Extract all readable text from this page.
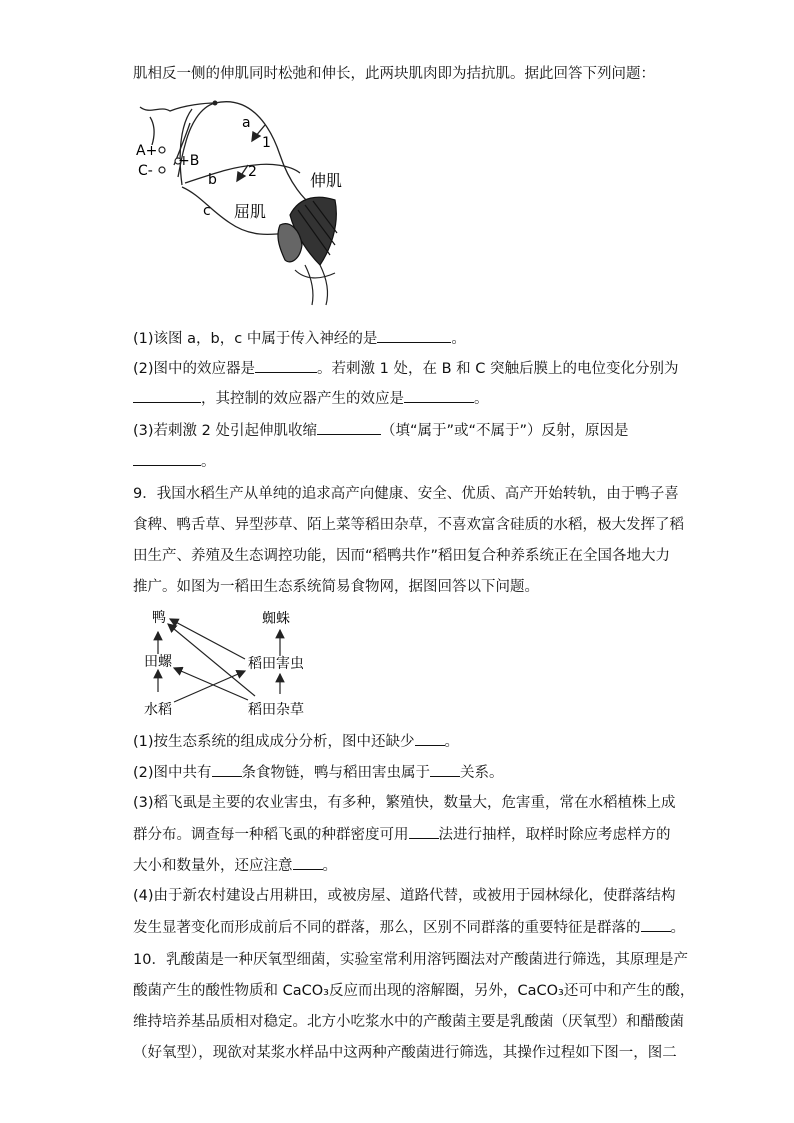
肌相反一侧的伸肌同时松弛和伸长，此两块肌肉即为拮抗肌。据此回答下列问题：
a
1
b 2
c
A+
+B
C-	伸肌
屈肌
(1)该图 a，b，c 中属于传入神经的是	。
(2)图中的效应器是	。若刺激 1 处，在 B 和 C 突触后膜上的电位变化分别为
，其控制的效应器产生的效应是	。
(3)若刺激 2 处引起伸肌收缩	（填“属于”或“不属于”）反射，原因是
。
9．我国水稻生产从单纯的追求高产向健康、安全、优质、高产开始转轨，由于鸭子喜
食稗、鸭舌草、异型莎草、陌上菜等稻田杂草，不喜欢富含硅质的水稻，极大发挥了稻
田生产、养殖及生态调控功能，因而“稻鸭共作”稻田复合种养系统正在全国各地大力
推广。如图为一稻田生态系统简易食物网，据图回答以下问题。
鸭	蜘蛛
田螺	稻田害虫
水稻	稻田杂草
(1)按生态系统的组成成分分析，图中还缺少 。
(2)图中共有 条食物链，鸭与稻田害虫属于 关系。
(3)稻飞虱是主要的农业害虫，有多种，繁殖快，数量大，危害重，常在水稻植株上成
群分布。调查每一种稻飞虱的种群密度可用 法进行抽样，取样时除应考虑样方的
大小和数量外，还应注意 。
(4)由于新农村建设占用耕田，或被房屋、道路代替，或被用于园林绿化，使群落结构
发生显著变化而形成前后不同的群落，那么，区别不同群落的重要特征是群落的 。
10．乳酸菌是一种厌氧型细菌，实验室常利用溶钙圈法对产酸菌进行筛选，其原理是产
酸菌产生的酸性物质和 CaCO₃反应而出现的溶解圈，另外，CaCO₃还可中和产生的酸，
维持培养基品质相对稳定。北方小吃浆水中的产酸菌主要是乳酸菌（厌氧型）和醋酸菌
（好氧型），现欲对某浆水样品中这两种产酸菌进行筛选，其操作过程如下图一，图二
